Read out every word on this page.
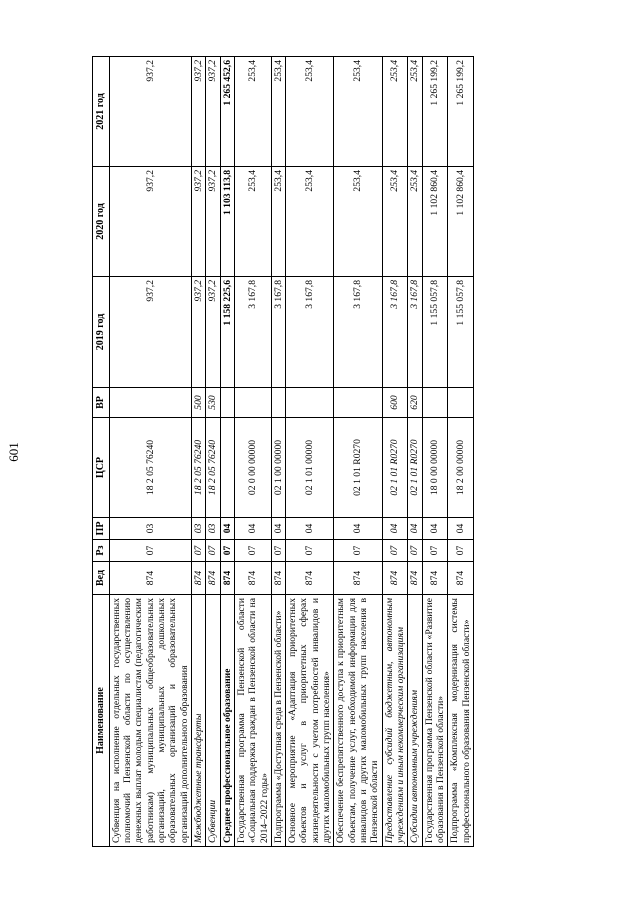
601
Наименование	Вед	Рз	ПР	ЦСР	ВР	2019 год	2020 год	2021 год
Субвенция на исполнение отдельных государственных полномочий Пензенской области по осуществлению денежных выплат молодым специалистам (педагогическим работникам) муниципальных общеобразовательных организаций, муниципальных дошкольных образовательных организаций и образовательных организаций дополнительного образования	874	07	03	18 2 05 76240		937,2	937,2	937,2
Межбюджетные трансферты	874	07	03	18 2 05 76240	500	937,2	937,2	937,2
Субвенции	874	07	03	18 2 05 76240	530	937,2	937,2	937,2
Среднее профессиональное образование	874	07	04			1 158 225,6	1 103 113,8	1 265 452,6
Государственная программа Пензенской области «Социальная поддержка граждан в Пензенской области на 2014–2022 годы»	874	07	04	02 0 00 00000		3 167,8	253,4	253,4
Подпрограмма «Доступная среда в Пензенской области»	874	07	04	02 1 00 00000		3 167,8	253,4	253,4
Основное мероприятие «Адаптация приоритетных объектов и услуг в приоритетных сферах жизнедеятельности с учетом потребностей инвалидов и других маломобильных групп населения»	874	07	04	02 1 01 00000		3 167,8	253,4	253,4
Обеспечение беспрепятственного доступа к приоритетным объектам, получение услуг, необходимой информации для инвалидов и других маломобильных групп населения в Пензенской области	874	07	04	02 1 01 R0270		3 167,8	253,4	253,4
Предоставление субсидий бюджетным, автономным учреждениям и иным некоммерческим организациям	874	07	04	02 1 01 R0270	600	3 167,8	253,4	253,4
Субсидии автономным учреждениям	874	07	04	02 1 01 R0270	620	3 167,8	253,4	253,4
Государственная программа Пензенской области «Развитие образования в Пензенской области»	874	07	04	18 0 00 00000		1 155 057,8	1 102 860,4	1 265 199,2
Подпрограмма «Комплексная модернизация системы профессионального образования Пензенской области»	874	07	04	18 2 00 00000		1 155 057,8	1 102 860,4	1 265 199,2
